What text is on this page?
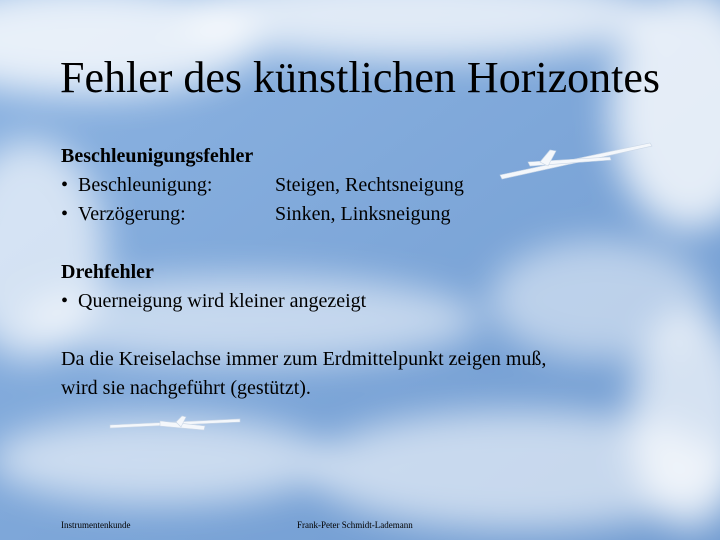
Fehler des künstlichen Horizontes
Beschleunigungsfehler
• Beschleunigung:	Steigen, Rechtsneigung
• Verzögerung:	Sinken, Linksneigung
Drehfehler
• Querneigung wird kleiner angezeigt
Da die Kreiselachse immer zum Erdmittelpunkt zeigen muß,
wird sie nachgeführt (gestützt).
Instrumentenkunde	Frank-Peter Schmidt-Lademann
